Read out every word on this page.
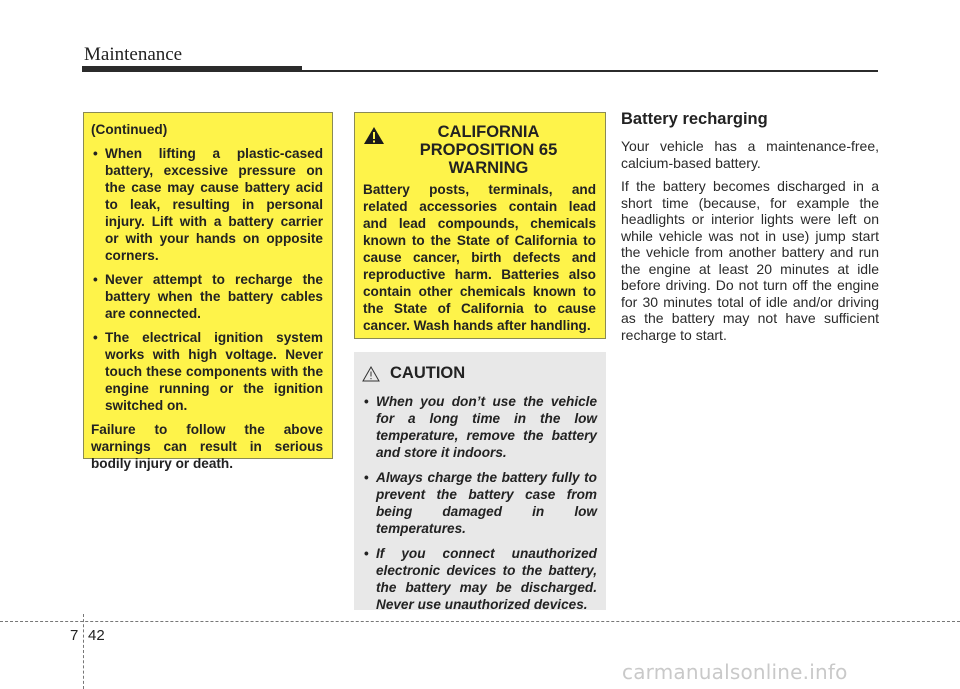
Maintenance
(Continued)
• When lifting a plastic-cased battery, excessive pressure on the case may cause battery acid to leak, resulting in personal injury. Lift with a battery carrier or with your hands on opposite corners.
• Never attempt to recharge the battery when the battery cables are connected.
• The electrical ignition system works with high voltage. Never touch these components with the engine running or the ignition switched on.
Failure to follow the above warnings can result in serious bodily injury or death.
CALIFORNIA PROPOSITION 65 WARNING
Battery posts, terminals, and related accessories contain lead and lead compounds, chemicals known to the State of California to cause cancer, birth defects and reproductive harm. Batteries also contain other chemicals known to the State of California to cause cancer. Wash hands after handling.
CAUTION
• When you don’t use the vehicle for a long time in the low temperature, remove the battery and store it indoors.
• Always charge the battery fully to prevent the battery case from being damaged in low temperatures.
• If you connect unauthorized electronic devices to the battery, the battery may be discharged. Never use unauthorized devices.
Battery recharging
Your vehicle has a maintenance-free, calcium-based battery.
If the battery becomes discharged in a short time (because, for example the headlights or interior lights were left on while vehicle was not in use) jump start the vehicle from another battery and run the engine at least 20 minutes at idle before driving. Do not turn off the engine for 30 minutes total of idle and/or driving as the battery may not have sufficient recharge to start.
7 42
carmanualsonline.info
